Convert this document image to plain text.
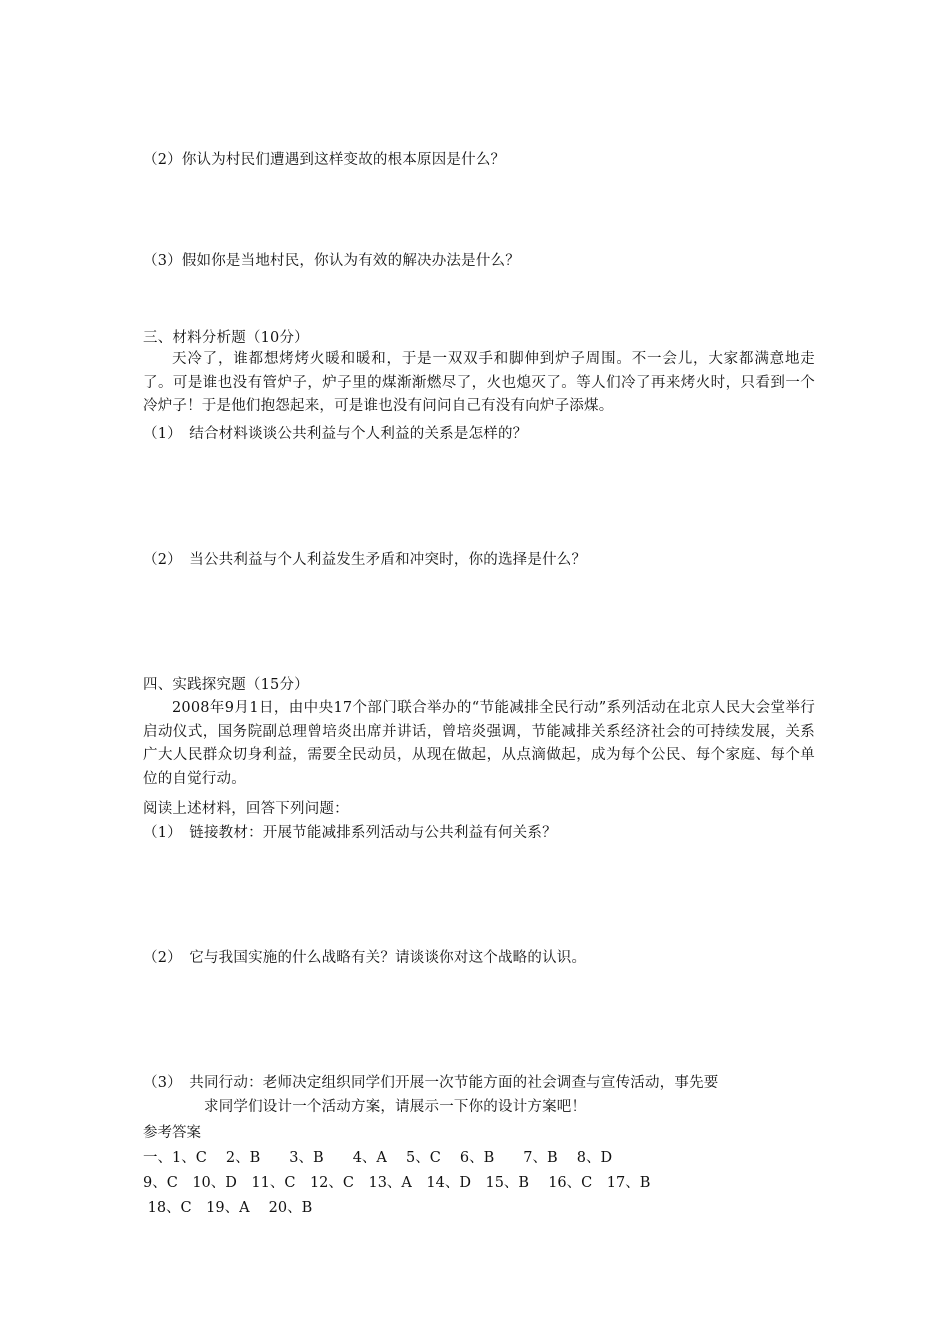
（2）你认为村民们遭遇到这样变故的根本原因是什么？
（3）假如你是当地村民，你认为有效的解决办法是什么？
三、材料分析题（10分）
天冷了，谁都想烤烤火暖和暖和，于是一双双手和脚伸到炉子周围。不一会儿，大家都满意地走了。可是谁也没有管炉子，炉子里的煤渐渐燃尽了，火也熄灭了。等人们冷了再来烤火时，只看到一个冷炉子！于是他们抱怨起来，可是谁也没有问问自己有没有向炉子添煤。
（1）　结合材料谈谈公共利益与个人利益的关系是怎样的？
（2）　当公共利益与个人利益发生矛盾和冲突时，你的选择是什么？
四、实践探究题（15分）
2008年9月1日，由中央17个部门联合举办的“节能减排全民行动”系列活动在北京人民大会堂举行启动仪式，国务院副总理曾培炎出席并讲话，曾培炎强调，节能减排关系经济社会的可持续发展，关系广大人民群众切身利益，需要全民动员，从现在做起，从点滴做起，成为每个公民、每个家庭、每个单位的自觉行动。
阅读上述材料，回答下列问题：
（1）　链接教材：开展节能减排系列活动与公共利益有何关系？
（2）　它与我国实施的什么战略有关？请谈谈你对这个战略的认识。
（3）　共同行动：老师决定组织同学们开展一次节能方面的社会调查与宣传活动，事先要
求同学们设计一个活动方案，请展示一下你的设计方案吧！
参考答案
一、1、C　 2、B　　3、B　　4、A　 5、C　 6、B　　7、B　 8、D
9、C　10、D　11、C　12、C　13、A　14、D　15、B　 16、C　17、B
18、C　19、A　 20、B
